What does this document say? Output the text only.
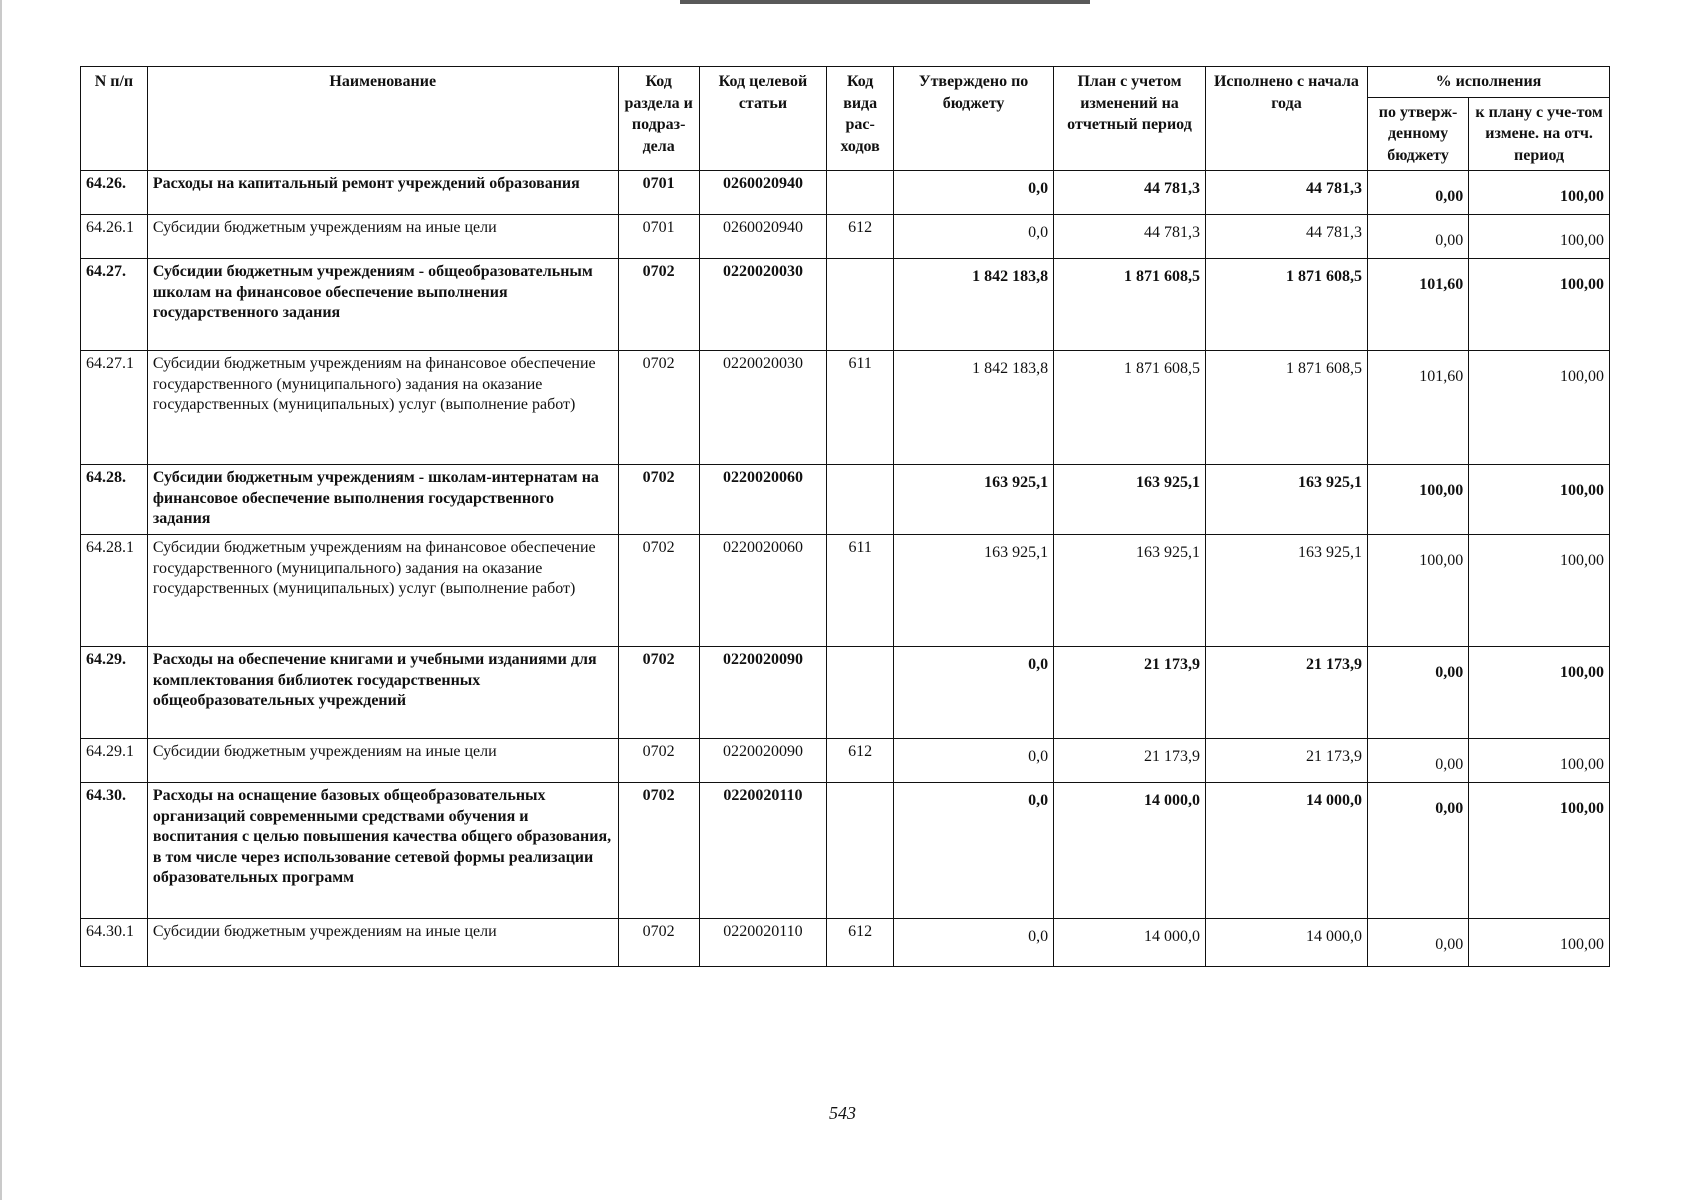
N п/п	Наименование	Код раздела и подраз-дела	Код целевой статьи	Код вида рас-ходов	Утверждено по бюджету	План с учетом изменений на отчетный период	Исполнено с начала года	% исполнения	
								по утверж-денному бюджету	к плану с уче-том измене. на отч. период
64.26.	Расходы на капитальный ремонт учреждений образования	0701	0260020940		0,0	44 781,3	44 781,3	0,00	100,00
64.26.1	Субсидии бюджетным учреждениям на иные цели	0701	0260020940	612	0,0	44 781,3	44 781,3	0,00	100,00
64.27.	Субсидии бюджетным учреждениям - общеобразовательным школам на финансовое обеспечение выполнения государственного задания	0702	0220020030		1 842 183,8	1 871 608,5	1 871 608,5	101,60	100,00
64.27.1	Субсидии бюджетным учреждениям на финансовое обеспечение государственного (муниципального) задания на оказание государственных (муниципальных) услуг (выполнение работ)	0702	0220020030	611	1 842 183,8	1 871 608,5	1 871 608,5	101,60	100,00
64.28.	Субсидии бюджетным учреждениям - школам-интернатам на финансовое обеспечение выполнения государственного задания	0702	0220020060		163 925,1	163 925,1	163 925,1	100,00	100,00
64.28.1	Субсидии бюджетным учреждениям на финансовое обеспечение государственного (муниципального) задания на оказание государственных (муниципальных) услуг (выполнение работ)	0702	0220020060	611	163 925,1	163 925,1	163 925,1	100,00	100,00
64.29.	Расходы на обеспечение книгами и учебными изданиями для комплектования библиотек государственных общеобразовательных учреждений	0702	0220020090		0,0	21 173,9	21 173,9	0,00	100,00
64.29.1	Субсидии бюджетным учреждениям на иные цели	0702	0220020090	612	0,0	21 173,9	21 173,9	0,00	100,00
64.30.	Расходы на оснащение базовых общеобразовательных организаций современными средствами обучения и воспитания с целью повышения качества общего образования, в том числе через использование сетевой формы реализации образовательных программ	0702	0220020110		0,0	14 000,0	14 000,0	0,00	100,00
64.30.1	Субсидии бюджетным учреждениям на иные цели	0702	0220020110	612	0,0	14 000,0	14 000,0	0,00	100,00
543
